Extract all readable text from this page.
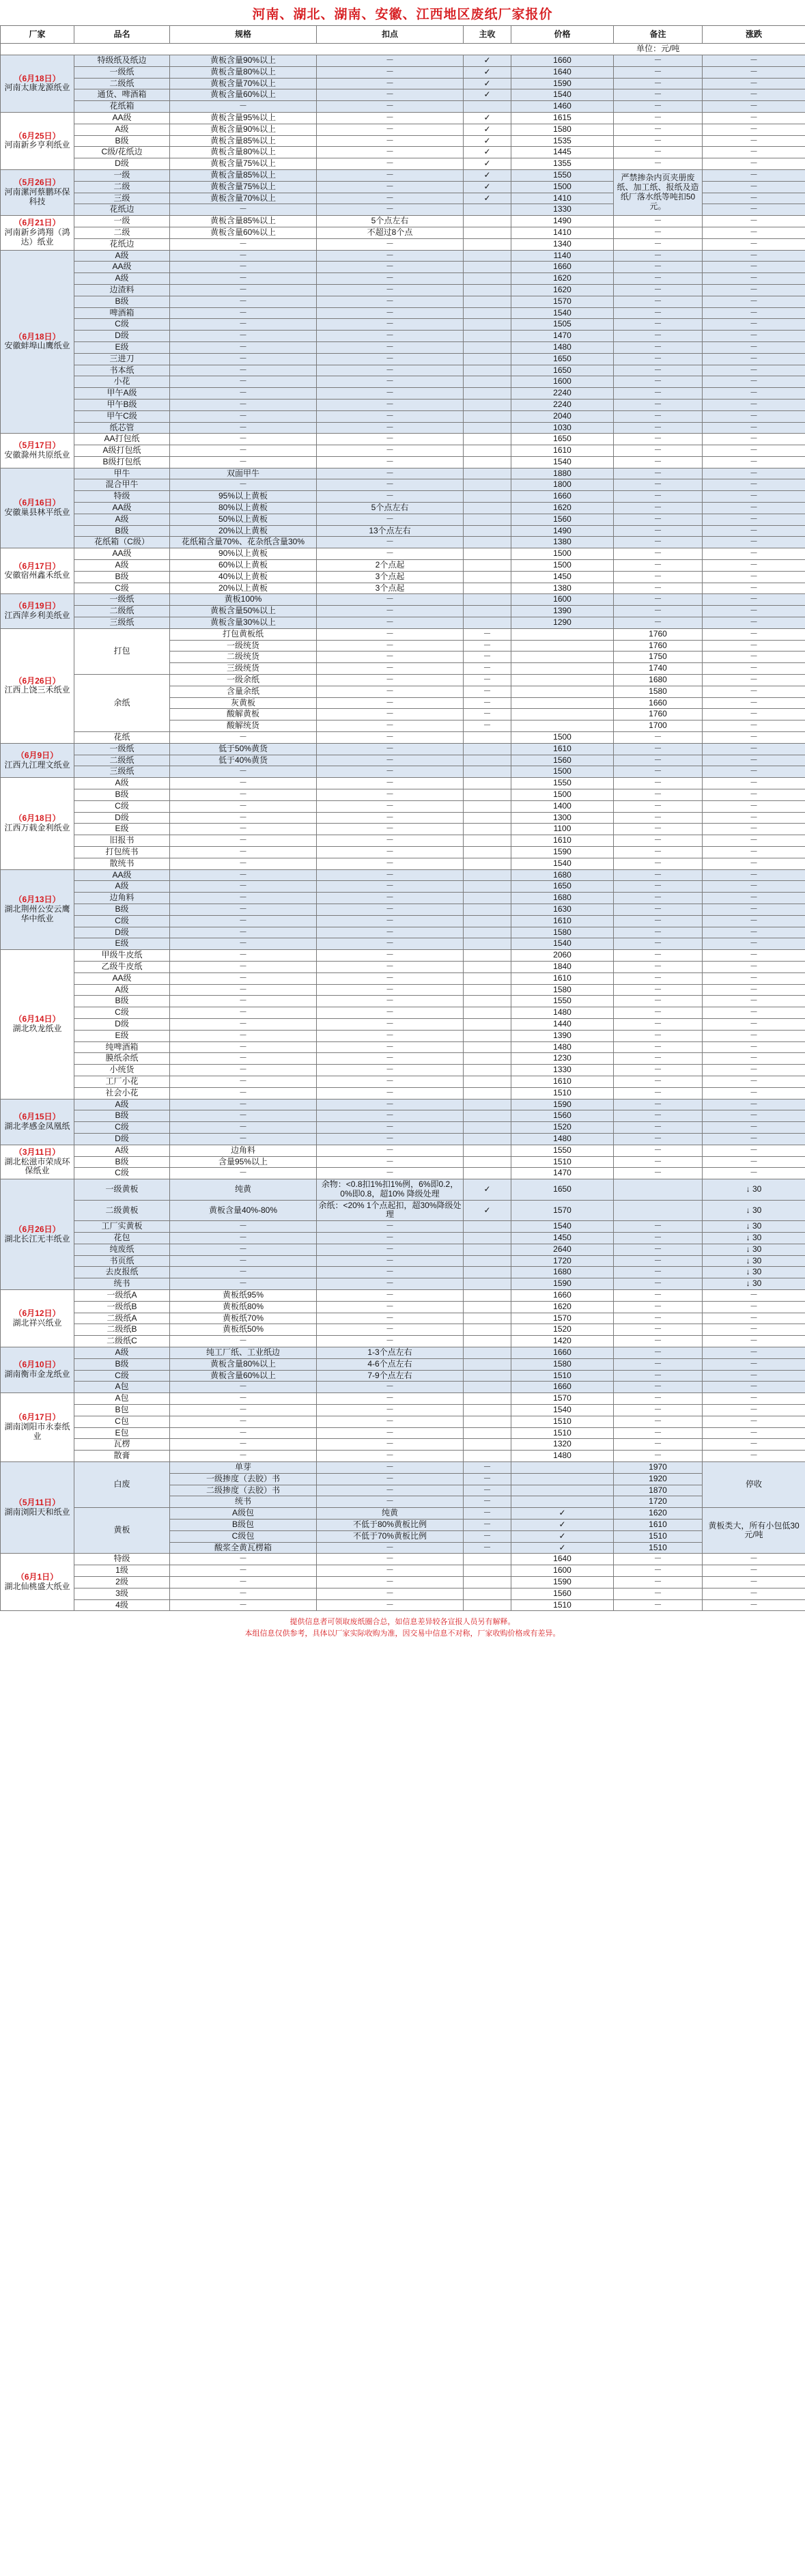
河南、湖北、湖南、安徽、江西地区废纸厂家报价
厂家	品名	规格	扣点	主收	价格	备注	涨跌	
					单位：元/吨			

（6月18日）
河南太康龙源纸业	特级纸及纸边	黄板含量90%以上	－	✓	1660	－	－	
	一级纸	黄板含量80%以上	－	✓	1640	－	－	
	二级纸	黄板含量70%以上	－	✓	1590	－	－	
	通货、啤酒箱	黄板含量60%以上	－	✓	1540	－	－	
	花纸箱	－	－		1460	－	－	

（6月25日）
河南新乡亨利纸业	AA级	黄板含量95%以上	－	✓	1615	－	－	
	A级	黄板含量90%以上	－	✓	1580	－	－	
	B级	黄板含量85%以上	－	✓	1535	－	－	
	C级/花纸边	黄板含量80%以上	－	✓	1445	－	－	
	D级	黄板含量75%以上	－	✓	1355	－	－	

（5月26日）
河南漯河蔡鹏环保科技	一级	黄板含量85%以上	－	✓	1550	严禁掺杂内页夹册废纸、加工纸、报纸及造纸厂落水纸等吨扣50元。	－	
	二级	黄板含量75%以上	－	✓	1500		－	
	三级	黄板含量70%以上	－	✓	1410		－	
	花纸边	－	－		1330		－	

（6月21日）
河南新乡鸿翔（鸿达）纸业	一级	黄板含量85%以上	5个点左右		1490	－	－	
	二级	黄板含量60%以上	不超过8个点		1410	－	－	
	花纸边	－	－		1340	－	－	

（6月18日）
安徽蚌埠山鹰纸业	A级	－	－		1140	－	－	
	AA级	－	－		1660	－	－	
	A级	－	－		1620	－	－	
	边渣料	－	－		1620	－	－	
	B级	－	－		1570	－	－	
	啤酒箱	－	－		1540	－	－	
	C级	－	－		1505	－	－	
	D级	－	－		1470	－	－	
	E级	－	－		1480	－	－	
	三进刀	－	－		1650	－	－	
	书本纸	－	－		1650	－	－	
	小花	－	－		1600	－	－	
	甲午A级	－	－		2240	－	－	
	甲午B级	－	－		2240	－	－	
	甲午C级	－	－		2040	－	－	
	纸芯管	－	－		1030	－	－	

（5月17日）
安徽滁州共原纸业	AA打包纸	－	－		1650	－	－	
	A级打包纸	－	－		1610	－	－	
	B级打包纸	－	－		1540	－	－	

（6月16日）
安徽巢县林平纸业	甲牛	双面甲牛	－		1880	－	－	
	混合甲牛	－	－		1800	－	－	
	特级	95%以上黄板	－		1660	－	－	
	AA级	80%以上黄板	5个点左右		1620	－	－	
	A级	50%以上黄板	－		1560	－	－	
	B级	20%以上黄板	13个点左右		1490	－	－	
	花纸箱（C级）	花纸箱含量70%、花杂纸含量30%	－		1380	－	－	

（6月17日）
安徽宿州鑫禾纸业	AA级	90%以上黄板	－		1500	－	－	
	A级	60%以上黄板	2个点起		1500	－	－	
	B级	40%以上黄板	3个点起		1450	－	－	
	C级	20%以上黄板	3个点起		1380	－	－	

（6月19日）
江西萍乡利美纸业	一级纸	黄板100%	－		1600	－	－	
	二级纸	黄板含量50%以上	－		1390	－	－	
	三级纸	黄板含量30%以上	－		1290	－	－	

（6月26日）
江西上饶三禾纸业	打包	打包黄板纸	－	－		1760	－	
		一级统货	－	－		1760	－	
		二级统货	－	－		1750	－	
		三级统货	－	－		1740	－	
	余纸	一级余纸	－	－		1680	－	
		含量余纸	－	－		1580	－	
		灰黄板	－	－		1660	－	
		酸解黄板	－	－		1760	－	
		酸解统货	－	－		1700	－	
	花纸	－	－		1500	－	－	

（6月9日）
江西九江理文纸业	一级纸	低于50%黄货	－		1610	－	－	
	二级纸	低于40%黄货	－		1560	－	－	
	三级纸	－	－		1500	－	－	

（6月18日）
江西万载金利纸业	A级	－	－		1550	－	－	
	B级	－	－		1500	－	－	
	C级	－	－		1400	－	－	
	D级	－	－		1300	－	－	
	E级	－	－		1100	－	－	
	旧报书	－	－		1610	－	－	
	打包统书	－	－		1590	－	－	
	散统书	－	－		1540	－	－	

（6月13日）
湖北荆州公安云鹰华中纸业	AA级	－	－		1680	－	－	
	A级	－	－		1650	－	－	
	边角料	－	－		1680	－	－	
	B级	－	－		1630	－	－	
	C级	－	－		1610	－	－	
	D级	－	－		1580	－	－	
	E级	－	－		1540	－	－	

（6月14日）
湖北玖龙纸业	甲级牛皮纸	－	－		2060	－	－	
	乙级牛皮纸	－	－		1840	－	－	
	AA级	－	－		1610	－	－	
	A级	－	－		1580	－	－	
	B级	－	－		1550	－	－	
	C级	－	－		1480	－	－	
	D级	－	－		1440	－	－	
	E级	－	－		1390	－	－	
	纯啤酒箱	－	－		1480	－	－	
	膜纸余纸	－	－		1230	－	－	
	小统货	－	－		1330	－	－	
	工厂小花	－	－		1610	－	－	
	社会小花	－	－		1510	－	－	

（6月15日）
湖北孝感金凤凰纸	A级	－	－		1590	－	－	
	B级	－	－		1560	－	－	
	C级	－	－		1520	－	－	
	D级	－	－		1480	－	－	

（3月11日）
湖北松滋市荣成环保纸业	A级	边角料	－		1550	－	－	
	B级	含量95%以上	－		1510	－	－	
	C级	－	－		1470	－	－	

（6月26日）
湖北长江无丰纸业	一级黄板	纯黄	余物：<0.8扣1%扣1%例，6%即0.2，0%即0.8，超10% 降级处理	✓	1650		↓ 30	
	二级黄板	黄板含量40%-80%	余纸：<20% 1个点起扣，超30%降级处理	✓	1570		↓ 30	
	工厂实黄板	－	－		1540	－	↓ 30	
	花包	－	－		1450	－	↓ 30	
	纯废纸	－	－		2640	－	↓ 30	
	书页纸	－	－		1720	－	↓ 30	
	去皮报纸	－	－		1680	－	↓ 30	
	统书	－	－		1590	－	↓ 30	

（6月12日）
湖北祥兴纸业	一级纸A	黄板纸95%	－		1660	－	－	
	一级纸B	黄板纸80%	－		1620	－	－	
	二级纸A	黄板纸70%	－		1570	－	－	
	二级纸B	黄板纸50%	－		1520	－	－	
	二级纸C	－	－		1420	－	－	

（6月10日）
湖南衡市金龙纸业	A级	纯工厂纸、工业纸边	1-3个点左右		1660	－	－	
	B级	黄板含量80%以上	4-6个点左右		1580	－	－	
	C级	黄板含量60%以上	7-9个点左右		1510	－	－	
	A包	－	－		1660	－	－	

（6月17日）
湖南浏阳市永泰纸业	A包	－	－		1570	－	－	
	B包	－	－		1540	－	－	
	C包	－	－		1510	－	－	
	E包	－	－		1510	－	－	
	瓦楞	－	－		1320	－	－	
	散膏	－	－		1480	－	－	

（5月11日）
湖南浏阳天和纸业	白废	单芽	－	－		1970	停收	
		一级掺度（去胶）书	－	－		1920	
		二级掺度（去胶）书	－	－		1870	
		统书	－	－		1720	
	黄板	A级包	纯黄	－	✓	1620	黄板类大，所有小包低30元/吨	
		B级包	不低于80%黄板比例	－	✓	1610	
		C级包	不低于70%黄板比例	－	✓	1510	
		酸浆全黄瓦楞箱	－	－	✓	1510	

（6月1日）
湖北仙桃盛大纸业	特级	－	－		1640	－	－	
	1级	－	－		1600	－	－	
	2级	－	－		1590	－	－	
	3级	－	－		1560	－	－	
	4级	－	－		1510	－	－	
提供信息者可领取废纸圈合总，如信息差异较各宣报人员另有解释。
本组信息仅供参考，具体以厂家实际收购为准，因交易中信息不对称，厂家收购价格或有差异。
